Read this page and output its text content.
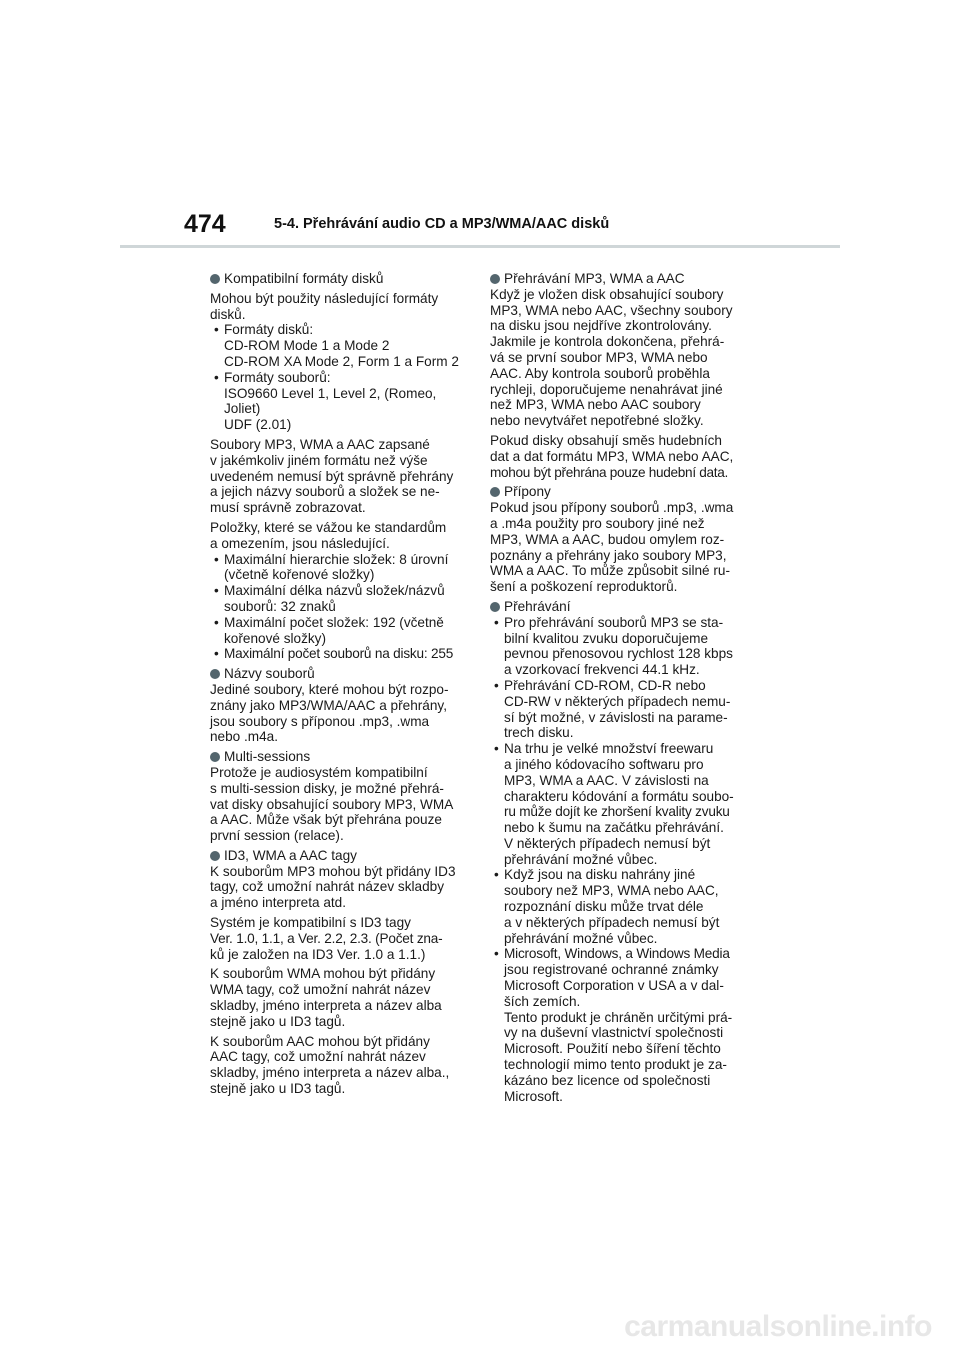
474	5-4. Přehrávání audio CD a MP3/WMA/AAC disků
Kompatibilní formáty disků

Mohou být použity následující formáty

disků.

• Formáty disků:

CD-ROM Mode 1 a Mode 2

CD-ROM XA Mode 2, Form 1 a Form 2

• Formáty souborů:

ISO9660 Level 1, Level 2, (Romeo,

Joliet)

UDF (2.01)

Soubory MP3, WMA a AAC zapsané

v jakémkoliv jiném formátu než výše

uvedeném nemusí být správně přehrány

a jejich názvy souborů a složek se ne-

musí správně zobrazovat.

Položky, které se vážou ke standardům

a omezením, jsou následující.

• Maximální hierarchie složek: 8 úrovní

(včetně kořenové složky)

• Maximální délka názvů složek/názvů

souborů: 32 znaků

• Maximální počet složek: 192 (včetně

kořenové složky)

• Maximální počet souborů na disku: 255

Názvy souborů

Jediné soubory, které mohou být rozpo-

znány jako MP3/WMA/AAC a přehrány,

jsou soubory s příponou .mp3, .wma

nebo .m4a.

Multi-sessions

Protože je audiosystém kompatibilní

s multi-session disky, je možné přehrá-

vat disky obsahující soubory MP3, WMA

a AAC. Může však být přehrána pouze

první session (relace).

ID3, WMA a AAC tagy

K souborům MP3 mohou být přidány ID3

tagy, což umožní nahrát název skladby

a jméno interpreta atd.

Systém je kompatibilní s ID3 tagy

Ver. 1.0, 1.1, a Ver. 2.2, 2.3. (Počet zna-

ků je založen na ID3 Ver. 1.0 a 1.1.)

K souborům WMA mohou být přidány

WMA tagy, což umožní nahrát název

skladby, jméno interpreta a název alba

stejně jako u ID3 tagů.

K souborům AAC mohou být přidány

AAC tagy, což umožní nahrát název

skladby, jméno interpreta a název alba.,

stejně jako u ID3 tagů.

Přehrávání MP3, WMA a AAC

Když je vložen disk obsahující soubory

MP3, WMA nebo AAC, všechny soubory

na disku jsou nejdříve zkontrolovány.

Jakmile je kontrola dokončena, přehrá-

vá se první soubor MP3, WMA nebo

AAC. Aby kontrola souborů proběhla

rychleji, doporučujeme nenahrávat jiné

než MP3, WMA nebo AAC soubory

nebo nevytvářet nepotřebné složky.

Pokud disky obsahují směs hudebních

dat a dat formátu MP3, WMA nebo AAC,

mohou být přehrána pouze hudební data.

Přípony

Pokud jsou přípony souborů .mp3, .wma

a .m4a použity pro soubory jiné než

MP3, WMA a AAC, budou omylem roz-

poznány a přehrány jako soubory MP3,

WMA a AAC. To může způsobit silné ru-

šení a poškození reproduktorů.

Přehrávání

• Pro přehrávání souborů MP3 se sta-

bilní kvalitou zvuku doporučujeme

pevnou přenosovou rychlost 128 kbps

a vzorkovací frekvenci 44.1 kHz.

• Přehrávání CD-ROM, CD-R nebo

CD-RW v některých případech nemu-

sí být možné, v závislosti na parame-

trech disku.

• Na trhu je velké množství freewaru

a jiného kódovacího softwaru pro

MP3, WMA a AAC. V závislosti na

charakteru kódování a formátu soubo-

ru může dojít ke zhoršení kvality zvuku

nebo k šumu na začátku přehrávání.

V některých případech nemusí být

přehrávání možné vůbec.

• Když jsou na disku nahrány jiné

soubory než MP3, WMA nebo AAC,

rozpoznání disku může trvat déle

a v některých případech nemusí být

přehrávání možné vůbec.

• Microsoft, Windows, a Windows Media

jsou registrované ochranné známky

Microsoft Corporation v USA a v dal-

ších zemích.

Tento produkt je chráněn určitými prá-

vy na duševní vlastnictví společnosti

Microsoft. Použití nebo šíření těchto

technologií mimo tento produkt je za-

kázáno bez licence od společnosti

Microsoft.

carmanualsonline.info
